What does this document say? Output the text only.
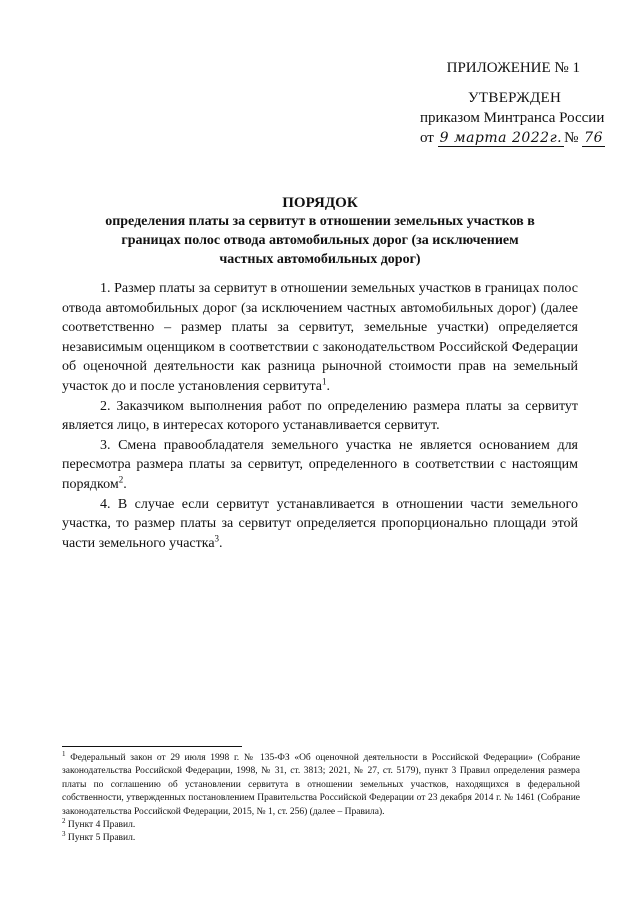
ПРИЛОЖЕНИЕ № 1
УТВЕРЖДЕН
приказом Минтранса России
от 9 марта 2022г. № 76
ПОРЯДОК
определения платы за сервитут в отношении земельных участков в границах полос отвода автомобильных дорог (за исключением частных автомобильных дорог)

1. Размер платы за сервитут в отношении земельных участков в границах полос отвода автомобильных дорог (за исключением частных автомобильных дорог) (далее соответственно – размер платы за сервитут, земельные участки) определяется независимым оценщиком в соответствии с законодательством Российской Федерации об оценочной деятельности как разница рыночной стоимости прав на земельный участок до и после установления сервитута$^1$.

2. Заказчиком выполнения работ по определению размера платы за сервитут является лицо, в интересах которого устанавливается сервитут.

3. Смена правообладателя земельного участка не является основанием для пересмотра размера платы за сервитут, определенного в соответствии с настоящим порядком$^2$.

4. В случае если сервитут устанавливается в отношении части земельного участка, то размер платы за сервитут определяется пропорционально площади этой части земельного участка$^3$.

$^1$ Федеральный закон от 29 июля 1998 г. № 135-ФЗ «Об оценочной деятельности в Российской Федерации» (Собрание законодательства Российской Федерации, 1998, № 31, ст. 3813; 2021, № 27, ст. 5179), пункт 3 Правил определения размера платы по соглашению об установлении сервитута в отношении земельных участков, находящихся в федеральной собственности, утвержденных постановлением Правительства Российской Федерации от 23 декабря 2014 г. № 1461 (Собрание законодательства Российской Федерации, 2015, № 1, ст. 256) (далее – Правила).

$^2$ Пункт 4 Правил.

$^3$ Пункт 5 Правил.
